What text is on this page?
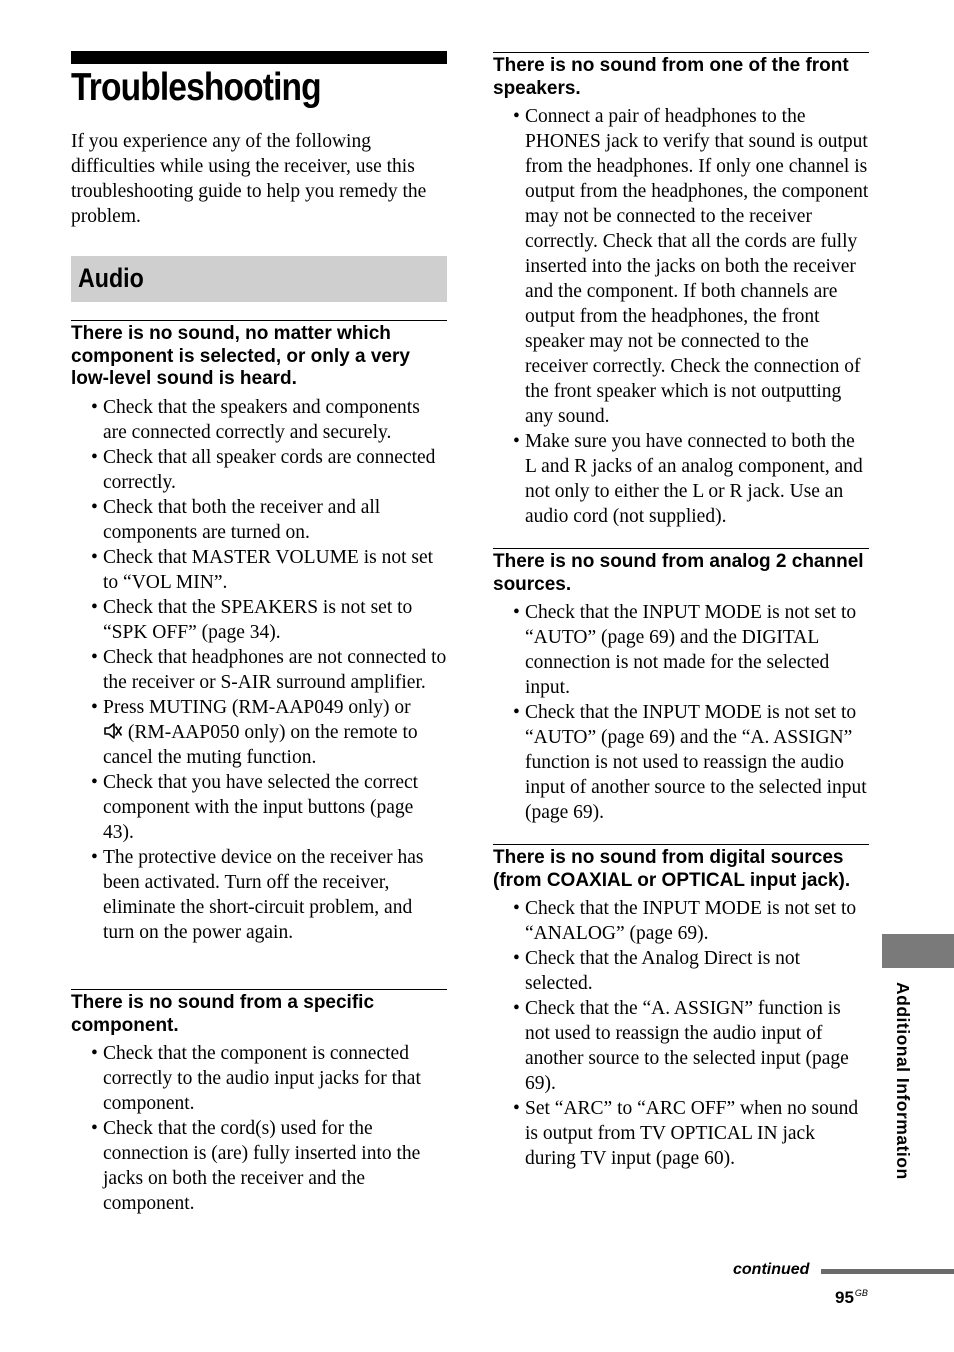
Troubleshooting

If you experience any of the following difficulties while using the receiver, use this troubleshooting guide to help you remedy the problem.

Audio
There is no sound, no matter which component is selected, or only a very low-level sound is heard.
• Check that the speakers and components are connected correctly and securely.
• Check that all speaker cords are connected correctly.
• Check that both the receiver and all components are turned on.
• Check that MASTER VOLUME is not set to “VOL MIN”.
• Check that the SPEAKERS is not set to “SPK OFF” (page 34).
• Check that headphones are not connected to the receiver or S-AIR surround amplifier.
• Press MUTING (RM-AAP049 only) or
(RM-AAP050 only) on the remote to cancel the muting function.
• Check that you have selected the correct component with the input buttons (page 43).
• The protective device on the receiver has been activated. Turn off the receiver, eliminate the short-circuit problem, and turn on the power again.
There is no sound from a specific component.
• Check that the component is connected correctly to the audio input jacks for that component.
• Check that the cord(s) used for the connection is (are) fully inserted into the jacks on both the receiver and the component.
There is no sound from one of the front speakers.
• Connect a pair of headphones to the PHONES jack to verify that sound is output from the headphones. If only one channel is output from the headphones, the component may not be connected to the receiver correctly. Check that all the cords are fully inserted into the jacks on both the receiver and the component. If both channels are output from the headphones, the front speaker may not be connected to the receiver correctly. Check the connection of the front speaker which is not outputting any sound.
• Make sure you have connected to both the L and R jacks of an analog component, and not only to either the L or R jack. Use an audio cord (not supplied).
There is no sound from analog 2 channel sources.
• Check that the INPUT MODE is not set to “AUTO” (page 69) and the DIGITAL connection is not made for the selected input.
• Check that the INPUT MODE is not set to “AUTO” (page 69) and the “A. ASSIGN” function is not used to reassign the audio input of another source to the selected input (page 69).
There is no sound from digital sources (from COAXIAL or OPTICAL input jack).
• Check that the INPUT MODE is not set to “ANALOG” (page 69).
• Check that the Analog Direct is not selected.
• Check that the “A. ASSIGN” function is not used to reassign the audio input of another source to the selected input (page 69).
• Set “ARC” to “ARC OFF” when no sound is output from TV OPTICAL IN jack during TV input (page 60).	Additional Information
continued
$95^{GB}$
